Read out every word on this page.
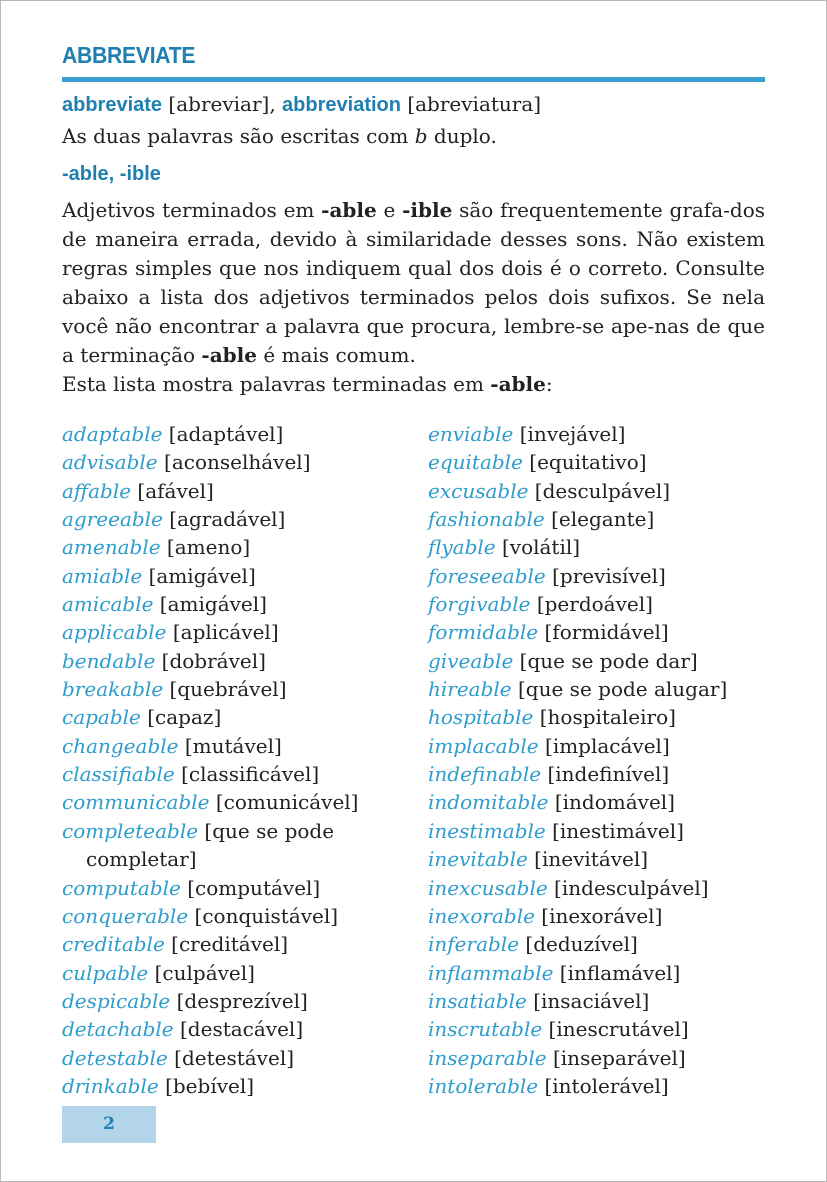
ABBREVIATE
abbreviate [abreviar], abbreviation [abreviatura]
As duas palavras são escritas com b duplo.
-able, -ible
Adjetivos terminados em -able e -ible são frequentemente grafa-dos de maneira errada, devido à similaridade desses sons. Não existem regras simples que nos indiquem qual dos dois é o correto. Consulte abaixo a lista dos adjetivos terminados pelos dois sufixos. Se nela você não encontrar a palavra que procura, lembre-se ape-nas de que a terminação -able é mais comum.
Esta lista mostra palavras terminadas em -able:
adaptable [adaptável]
advisable [aconselhável]
affable [afável]
agreeable [agradável]
amenable [ameno]
amiable [amigável]
amicable [amigável]
applicable [aplicável]
bendable [dobrável]
breakable [quebrável]
capable [capaz]
changeable [mutável]
classifiable [classificável]
communicable [comunicável]
completeable [que se pode
completar]
computable [computável]
conquerable [conquistável]
creditable [creditável]
culpable [culpável]
despicable [desprezível]
detachable [destacável]
detestable [detestável]
drinkable [bebível]
enviable [invejável]
equitable [equitativo]
excusable [desculpável]
fashionable [elegante]
flyable [volátil]
foreseeable [previsível]
forgivable [perdoável]
formidable [formidável]
giveable [que se pode dar]
hireable [que se pode alugar]
hospitable [hospitaleiro]
implacable [implacável]
indefinable [indefinível]
indomitable [indomável]
inestimable [inestimável]
inevitable [inevitável]
inexcusable [indesculpável]
inexorable [inexorável]
inferable [deduzível]
inflammable [inflamável]
insatiable [insaciável]
inscrutable [inescrutável]
inseparable [inseparável]
intolerable [intolerável]
2
